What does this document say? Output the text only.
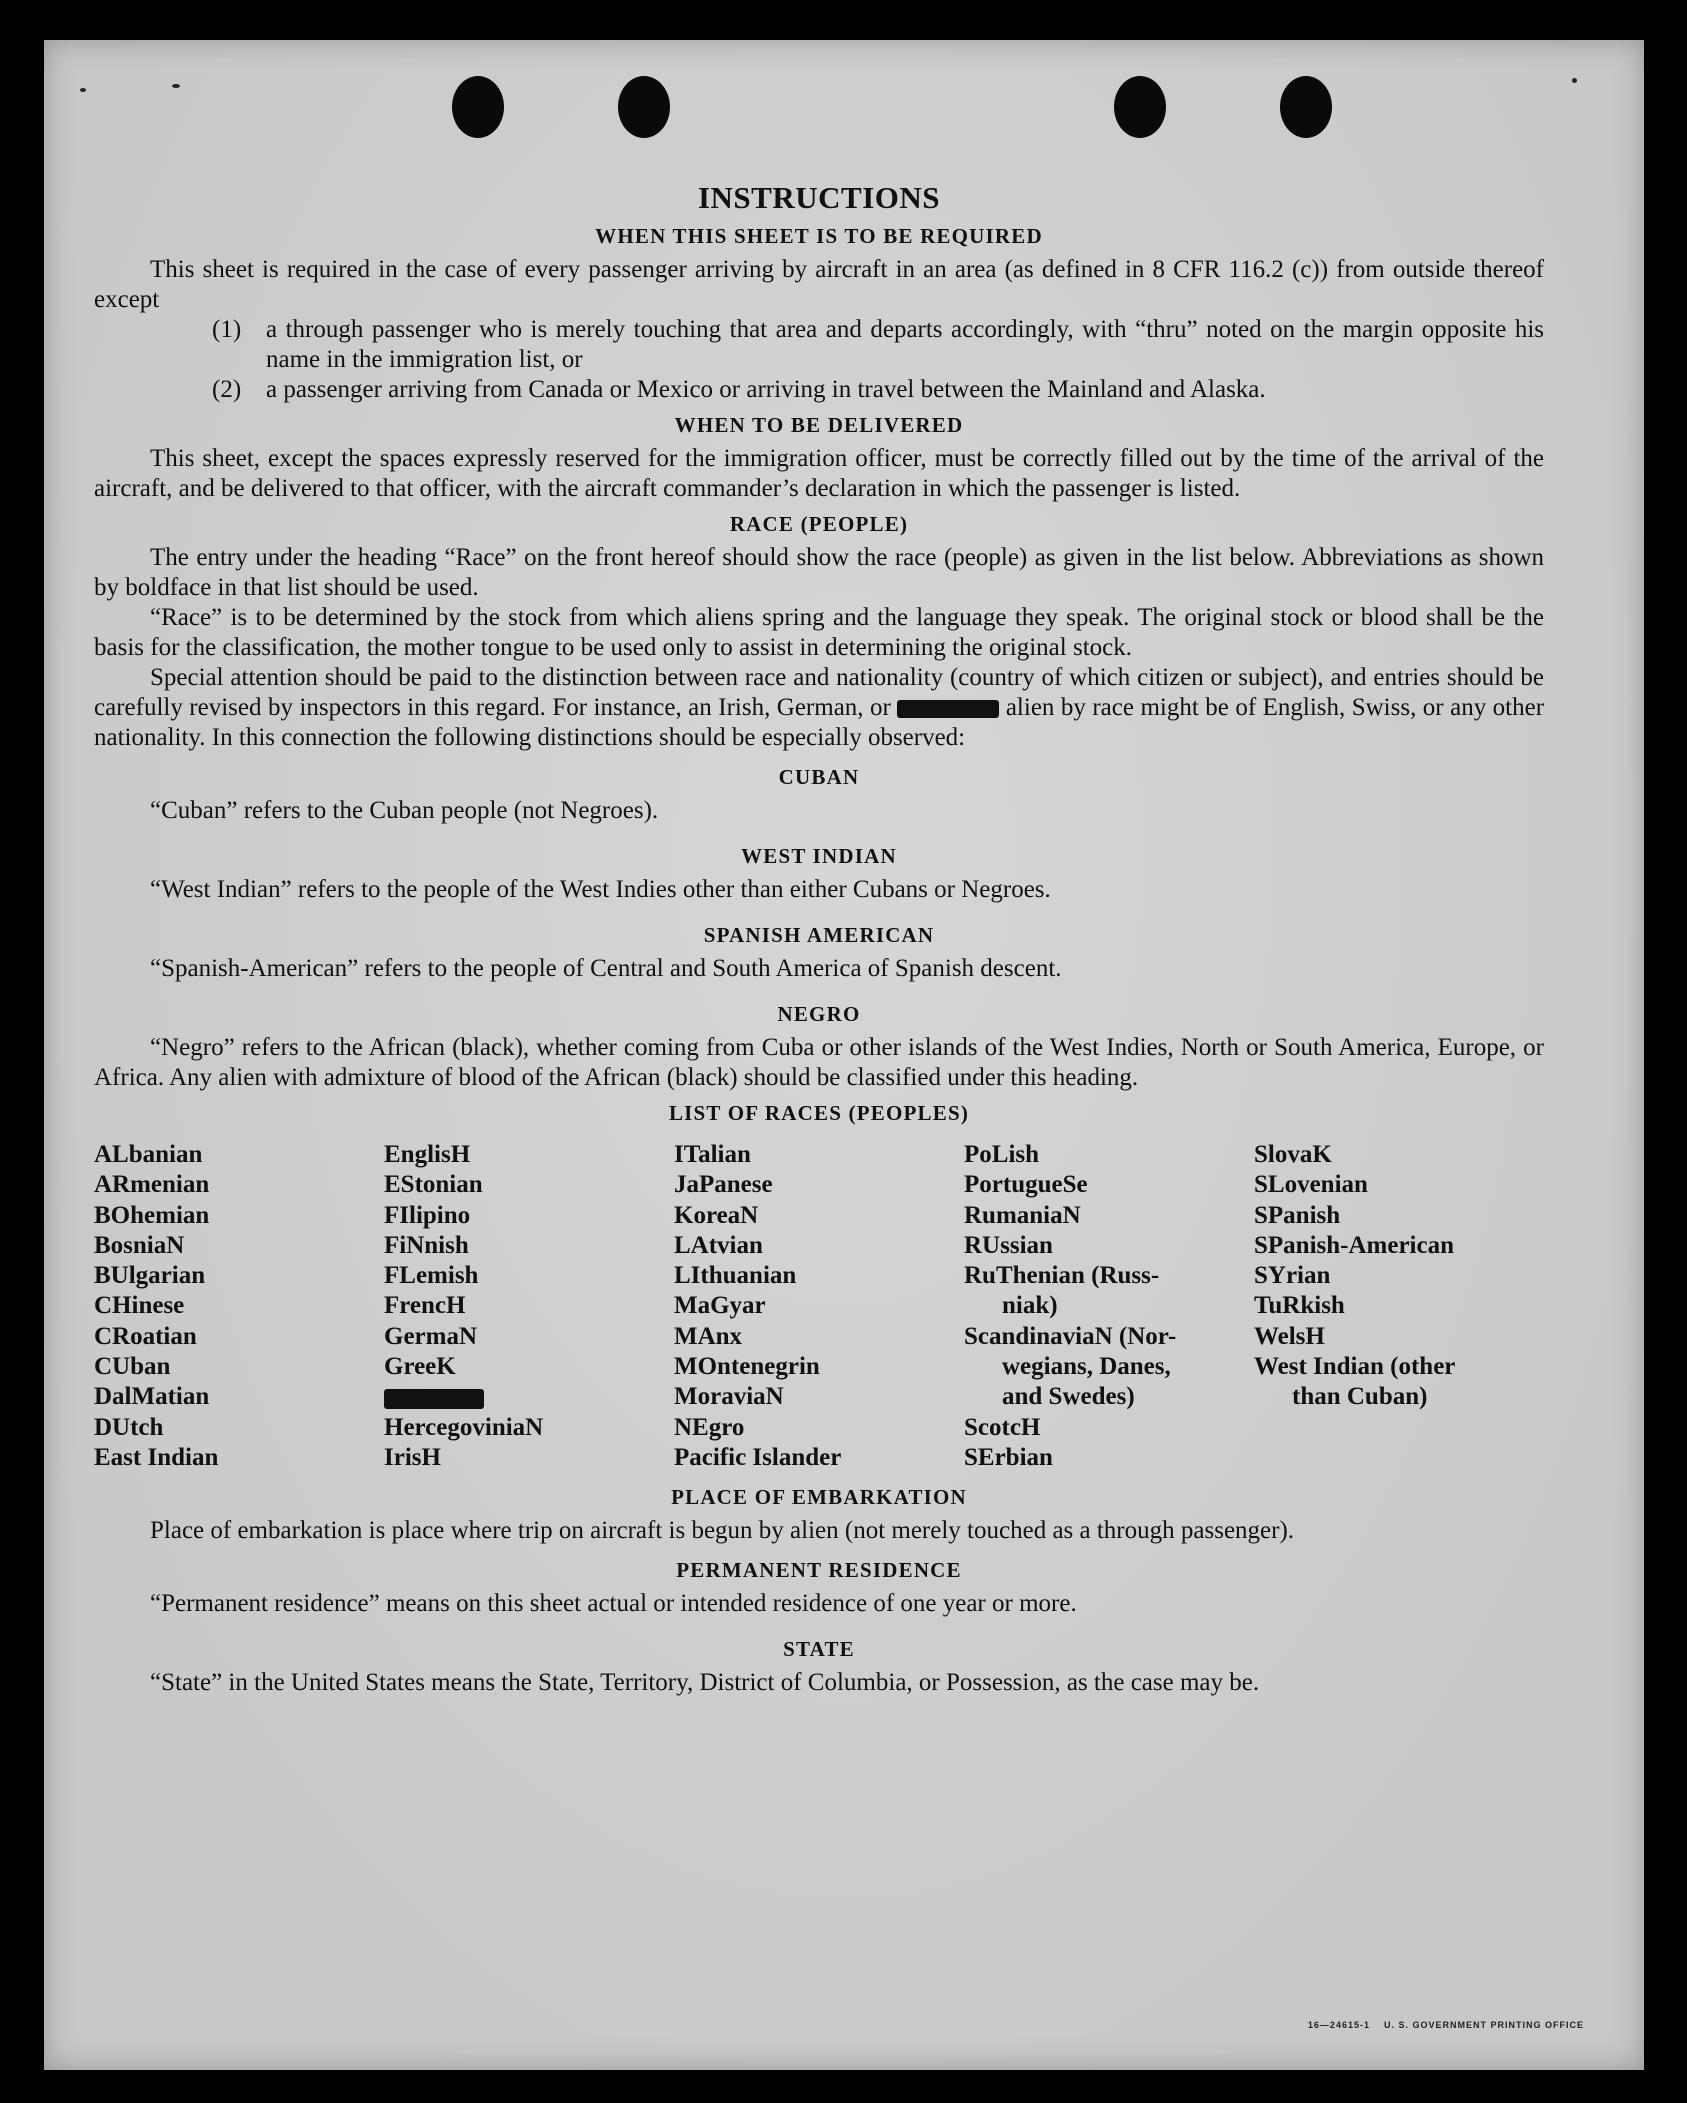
INSTRUCTIONS
WHEN THIS SHEET IS TO BE REQUIRED

This sheet is required in the case of every passenger arriving by aircraft in an area (as defined in 8 CFR 116.2 (c)) from outside thereof except

(1) a through passenger who is merely touching that area and departs accordingly, with “thru” noted on the margin opposite his name in the immigration list, or
(2) a passenger arriving from Canada or Mexico or arriving in travel between the Mainland and Alaska.
WHEN TO BE DELIVERED

This sheet, except the spaces expressly reserved for the immigration officer, must be correctly filled out by the time of the arrival of the aircraft, and be delivered to that officer, with the aircraft commander’s declaration in which the passenger is listed.

RACE (PEOPLE)

The entry under the heading “Race” on the front hereof should show the race (people) as given in the list below. Abbreviations as shown by boldface in that list should be used.

“Race” is to be determined by the stock from which aliens spring and the language they speak. The original stock or blood shall be the basis for the classification, the mother tongue to be used only to assist in determining the original stock.

Special attention should be paid to the distinction between race and nationality (country of which citizen or subject), and entries should be carefully revised by inspectors in this regard. For instance, an Irish, German, or	alien by race might be of English, Swiss, or any other nationality. In this connection the following distinctions should be especially observed:

CUBAN

“Cuban” refers to the Cuban people (not Negroes).

WEST INDIAN

“West Indian” refers to the people of the West Indies other than either Cubans or Negroes.

SPANISH AMERICAN

“Spanish-American” refers to the people of Central and South America of Spanish descent.

NEGRO

“Negro” refers to the African (black), whether coming from Cuba or other islands of the West Indies, North or South America, Europe, or Africa. Any alien with admixture of blood of the African (black) should be classified under this heading.

LIST OF RACES (PEOPLES)
ALbanian
ARmenian
BOhemian
BosniaN
BUlgarian
CHinese
CRoatian
CUban
DalMatian
DUtch
East Indian
EnglisH
EStonian
FIlipino
FiNnish
FLemish
FrencH
GermaN
GreeK
HercegoviniaN
IrisH
ITalian
JaPanese
KoreaN
LAtvian
LIthuanian
MaGyar
MAnx
MOntenegrin
MoraviaN
NEgro
Pacific Islander
PoLish
PortugueSe
RumaniaN
RUssian
RuThenian (Russ-
niak)
ScandinaviaN (Nor-
wegians, Danes,
and Swedes)
ScotcH
SErbian
SlovaK
SLovenian
SPanish
SPanish-American
SYrian
TuRkish
WelsH
West Indian (other
than Cuban)
PLACE OF EMBARKATION

Place of embarkation is place where trip on aircraft is begun by alien (not merely touched as a through passenger).

PERMANENT RESIDENCE

“Permanent residence” means on this sheet actual or intended residence of one year or more.

STATE

“State” in the United States means the State, Territory, District of Columbia, or Possession, as the case may be.

16—24615-1 U. S. GOVERNMENT PRINTING OFFICE
